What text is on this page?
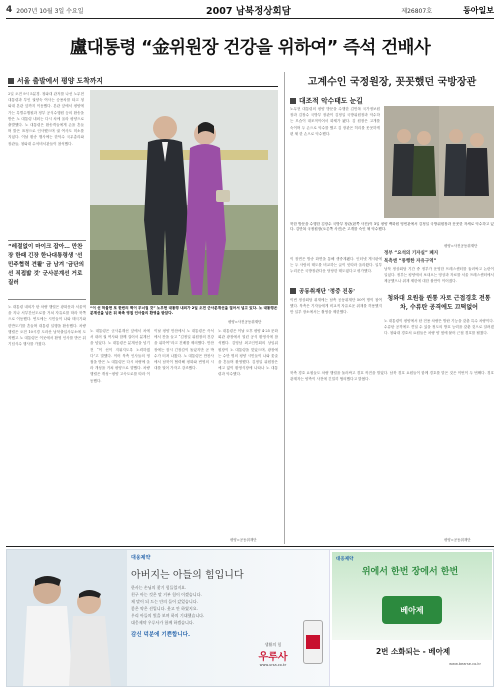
4 2007년 10월 3일 수요일	2007 남북정상회담	제26807호	동아일보
盧대통령 “金위원장 건강을 위하여” 즉석 건배사
서울 출발에서 평양 도착까지
2일 오전 9시 5분경. 청와대 관저를 나선 노무현 대통령과 부인 권양숙 여사는 승용차를 타고 청와대 본관 앞까지 이동했다. 본관 앞에서 평양에 가는 특별수행원과 정부 공식수행원 등의 환송을 받은 노 대통령 내외는 다시 차에 올라 평양으로 출발했다. 노 대통령은 환송객들에게 손을 흔들며 밝은 표정으로 인사했으며 권 여사도 미소를 지었다. 이날 환송 행사에는 한덕수 국무총리와 장관들, 청와대 수석비서관들이 참석했다.
“레절없이 마이크 잡아… 만찬장 한때 긴장 한나대통령생 '선민주협력 견뢀' 금 남겨 '금단의 선 직접밟 것' 군사분계선 거로질러
“이 선 허물면 또 한번의 벽이 무너질 것” 노무현 대통령 내외가 2일 오전 군사분계선을 걸어서 넘고 있다. 노 대통령은 분계선을 넘은 뒤 북측 영접 인사들의 환영을 받았다.
평양=사진공동취재단
노 대통령 내외가 탄 차량 행렬은 광화문과 서울역을 지나 서부간선도로를 거쳐 자유로를 따라 북쪽으로 이동했다. 연도에는 시민들이 나와 태극기와 한반도기를 흔들며 대통령 일행을 환송했다. 차량 행렬은 오전 10시경 도라산 남북출입사무소에 도착했고 노 대통령은 이곳에서 환영 인사를 받은 뒤 기념식수 행사를 가졌다.
노 대통령은 군사분계선 앞에서 차에서 내려 권 여사와 함께 걸어서 분계선을 넘었다. 노 대통령은 분계선을 넘기 전 “이 선이 지워지도록 노력하겠다”고 말했다. 이어 북측 인사들의 영접을 받은 노 대통령은 다시 차량에 올라 개성을 거쳐 평양으로 향했다. 차량 행렬은 개성∼평양 고속도로를 따라 이동했다.
이날 평양 만찬에서 노 대통령은 즉석에서 잔을 들고 “김정일 위원장의 건강을 위하여”라고 건배를 제의했다. 만찬장에는 잠시 긴장감이 돌았지만 곧 박수가 터져 나왔다. 노 대통령은 만찬사에서 남북이 협력해 평화와 번영의 시대를 열어 가자고 강조했다.
노 대통령은 이날 오후 평양 4·25 문화회관 광장에서 열린 공식 환영식에 참석했다. 김영남 최고인민회의 상임위원장이 노 대통령을 맞았으며, 광장에는 수만 명의 평양 시민들이 나와 꽃술을 흔들며 환영했다. 김정일 위원장은 예고 없이 환영식장에 나타나 노 대통령과 악수했다.
평양=공동취재단
고계수인 국정원장, 꼿꼿했던 국방장관
대조적 악수태도 눈길
노무현 대통령의 평양 방문을 수행한 김만복 국가정보원장과 김장수 국방부 장관이 김정일 국방위원장과 악수하는 모습이 대조적이어서 화제가 됐다. 김 원장은 고개를 숙이며 두 손으로 악수를 했고 김 장관은 허리를 꼿꼿하게 편 채 한 손으로 악수했다.
북한 방문을 수행한 김장수 국방부 장관(왼쪽 사진)이 3일 평양 백화원 영빈관에서 김정일 국방위원장과 꼿꼿한 자세로 악수하고 있다. 김만복 국정원장(오른쪽 사진)은 고개를 숙인 채 악수했다.
평양=사진공동취재단
이 장면은 방송 화면을 통해 생중계됐다. 인터넷 게시판에는 두 사람의 태도를 비교하는 글이 잇따라 올라왔다. 일부 누리꾼은 국방장관다운 당당한 태도였다고 평가했다.
정부 “요석의 기자실” 폐지
북측엔 “통행한 자유구역”
남북 정상회담 기간 중 정부가 운영한 프레스센터를 둘러싸고 논란이 일었다. 정부는 평양에서 보내오는 영상과 자료를 서울 프레스센터에서 제공했으나 취재 제한에 대한 불만이 이어졌다.
공동취재단 '정중 진동'
이번 정상회담 취재에는 남측 공동취재단 50여 명이 참여했다. 북측은 기자들에게 비교적 자유로운 취재를 허용했지만 일부 장소에서는 촬영을 제한했다.
청와대 요원들 퀸통 자로 근접경호 전통차, 수류탄 공격에도 끄떡없어
노 대통령이 평양에서 탄 전용 차량은 방탄 기능을 갖춘 특수 차량이다. 수류탄 공격에도 견딜 수 있을 정도의 방호 능력을 갖춘 것으로 알려졌다. 청와대 경호처 요원들은 차량 양 옆에 붙어 근접 경호를 펼쳤다.
북측 경호 요원들도 차량 행렬을 둘러싸고 경호 작전을 벌였다. 남북 경호 요원들이 함께 경호를 맡은 것은 이번이 두 번째다. 경호 관계자는 양측이 사전에 긴밀히 협의했다고 밝혔다.
평양=공동취재단
대웅제약
아버지는 아들의 힘입니다
한사는 손님의 찾기 힘들었지요.
친구 아는 것은 말 거부 힘이 이겠습니다.
제 말이 되 드는 안의 들어 갔었습니다.
좋은 약은 선입니다. 웃고 안 하였지요.
우리 아들의 빛을 보며 하의 기대했습니다.
대웅제약 우루사가 함께 하겠습니다.
감신 덕분에 기쁜합니다.
생활의 힘
우루사
www.ursa.co.kr
대웅제약
위에서 한번 장에서 한번
베아제
2번 소화되는 - 베아제
www.bearse.co.kr
